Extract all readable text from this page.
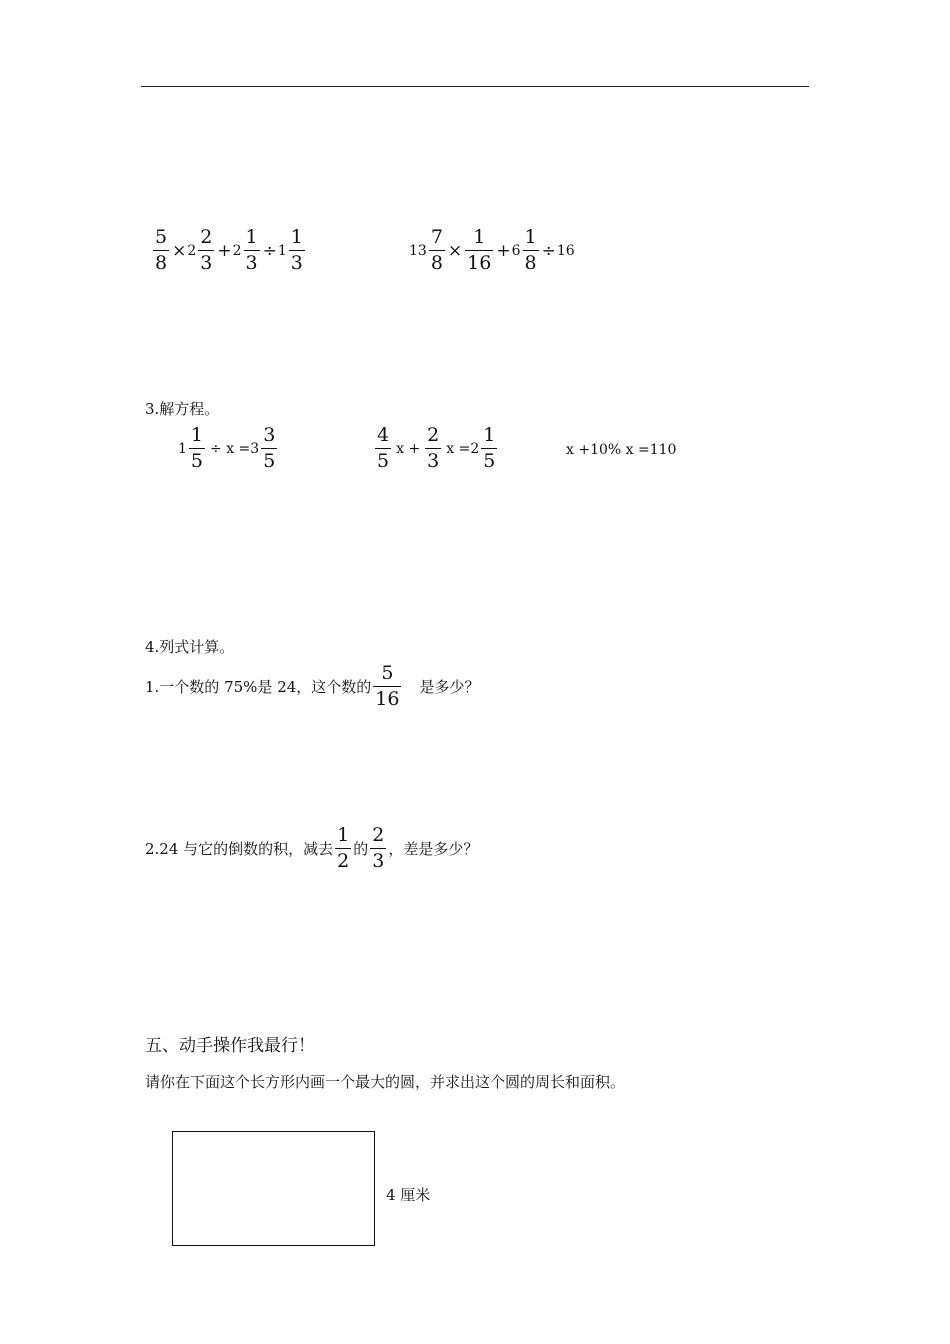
$\frac{5}{8} \times 2 \frac{2}{3} + 2 \frac{1}{3} \div 1 \frac{1}{3}$	$13 \frac{7}{8} \times \frac{1}{16} + 6 \frac{1}{8} \div 16$
3.解方程。
$1 \frac{1}{5} \div x =3 \frac{3}{5}$	$\frac{4}{5}$ $x + \frac{2}{3}$ $x =2 \frac{1}{5}$	x +10% x =110
4.列式计算。
1.一个数的 75%是 24，这个数的 $\frac{5}{16}$ 是多少？
2.24 与它的倒数的积，减去 $\frac{1}{2}$ 的 $\frac{2}{3}$ ，差是多少？
五、动手操作我最行！
请你在下面这个长方形内画一个最大的圆，并求出这个圆的周长和面积。
4 厘米
